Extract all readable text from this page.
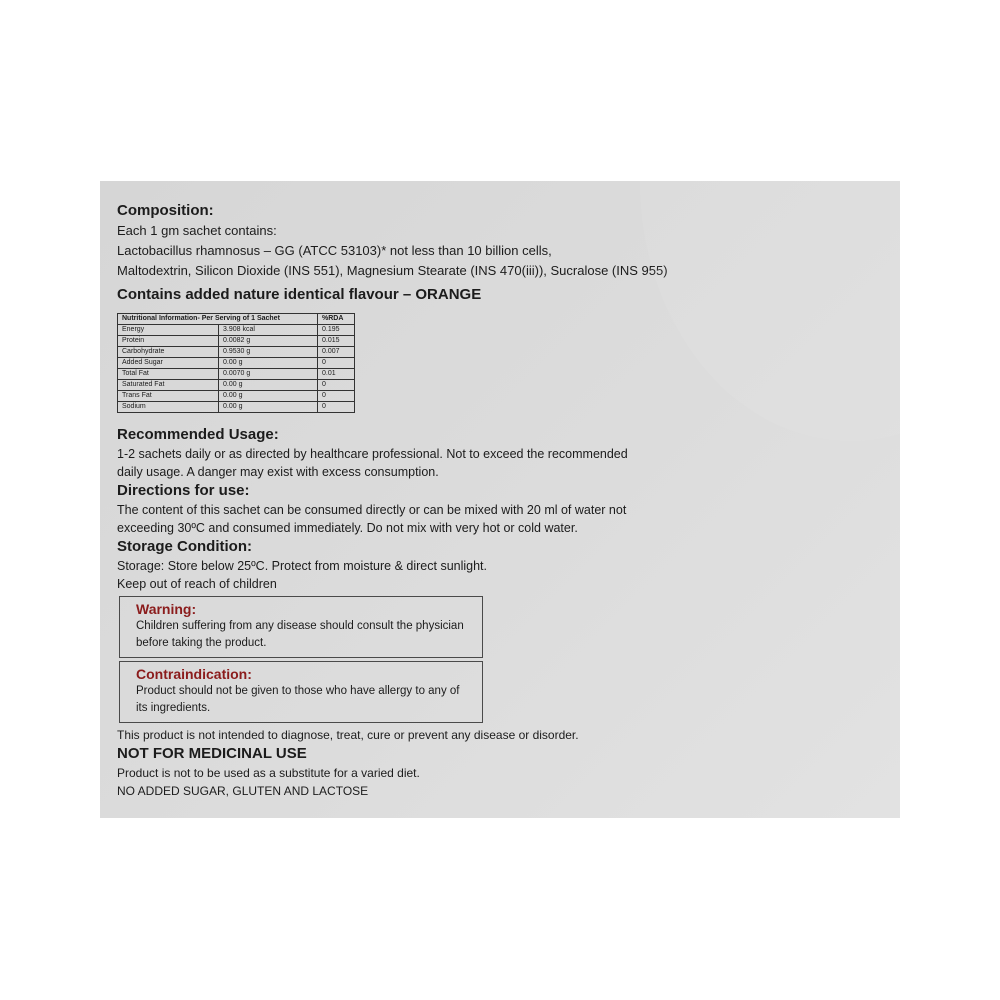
Composition:

Each 1 gm sachet contains:

Lactobacillus rhamnosus – GG (ATCC 53103)* not less than 10 billion cells,

Maltodextrin, Silicon Dioxide (INS 551), Magnesium Stearate (INS 470(iii)), Sucralose (INS 955)

Contains added nature identical flavour – ORANGE

Nutritional Information- Per Serving of 1 Sachet		%RDA
Energy	3.908 kcal	0.195
Protein	0.0082 g	0.015
Carbohydrate	0.9530 g	0.007
Added Sugar	0.00 g	0
Total Fat	0.0070 g	0.01
Saturated Fat	0.00 g	0
Trans Fat	0.00 g	0
Sodium	0.00 g	0

Recommended Usage:

1-2 sachets daily or as directed by healthcare professional. Not to exceed the recommended

daily usage. A danger may exist with excess consumption.

Directions for use:

The content of this sachet can be consumed directly or can be mixed with 20 ml of water not

exceeding 30ºC and consumed immediately. Do not mix with very hot or cold water.

Storage Condition:

Storage: Store below 25ºC. Protect from moisture & direct sunlight.

Keep out of reach of children

Warning:

Children suffering from any disease should consult the physician

before taking the product.

Contraindication:

Product should not be given to those who have allergy to any of

its ingredients.

This product is not intended to diagnose, treat, cure or prevent any disease or disorder.

NOT FOR MEDICINAL USE

Product is not to be used as a substitute for a varied diet.

NO ADDED SUGAR, GLUTEN AND LACTOSE
